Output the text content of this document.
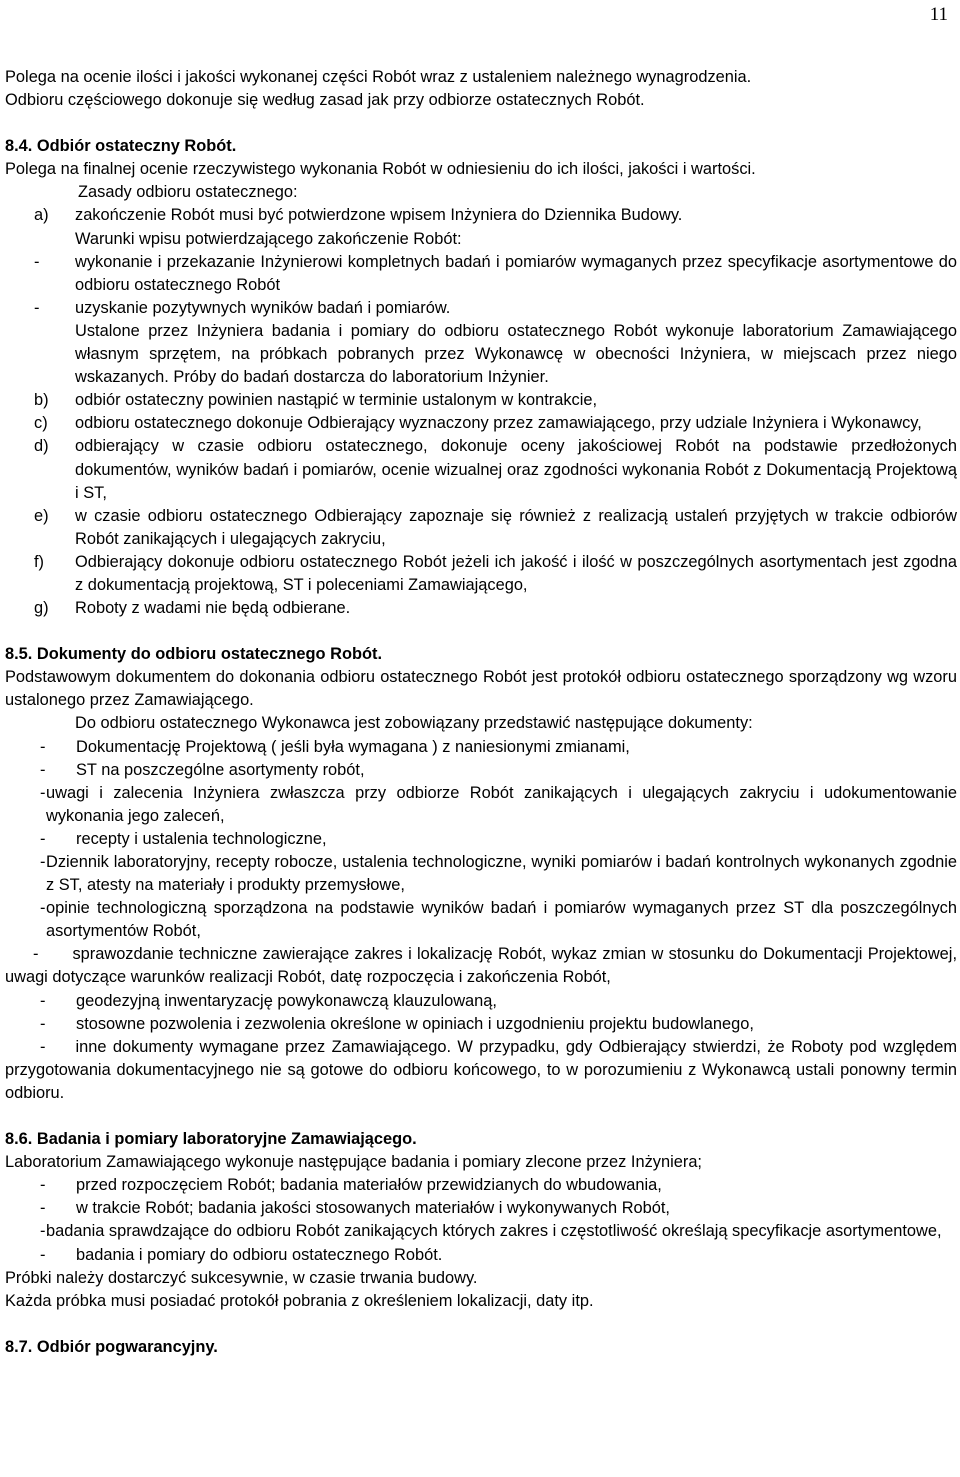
11

Polega na ocenie ilości i jakości wykonanej części Robót wraz z ustaleniem należnego wynagrodzenia.

Odbioru częściowego dokonuje się według zasad jak przy odbiorze ostatecznych Robót.

8.4. Odbiór ostateczny Robót.

Polega na finalnej ocenie rzeczywistego wykonania Robót w odniesieniu do ich ilości, jakości i wartości.

Zasady odbioru ostatecznego:

a)	zakończenie Robót musi być potwierdzone wpisem Inżyniera do Dziennika Budowy.

Warunki wpisu potwierdzającego zakończenie Robót:

-	wykonanie i przekazanie Inżynierowi kompletnych badań i pomiarów wymaganych przez specyfikacje asortymentowe do odbioru ostatecznego Robót
-	uzyskanie pozytywnych wyników badań i pomiarów.

Ustalone przez Inżyniera badania i pomiary do odbioru ostatecznego Robót wykonuje laboratorium Zamawiającego własnym sprzętem, na próbkach pobranych przez Wykonawcę w obecności Inżyniera, w miejscach przez niego wskazanych. Próby do badań dostarcza do laboratorium Inżynier.

b)	odbiór ostateczny powinien nastąpić w terminie ustalonym w kontrakcie,
c)	odbioru ostatecznego dokonuje Odbierający wyznaczony przez zamawiającego, przy udziale Inżyniera i Wykonawcy,
d)	odbierający w czasie odbioru ostatecznego, dokonuje oceny jakościowej Robót na podstawie przedłożonych dokumentów, wyników badań i pomiarów, ocenie wizualnej oraz zgodności wykonania Robót z Dokumentacją Projektową i ST,
e)	w czasie odbioru ostatecznego Odbierający zapoznaje się również z realizacją ustaleń przyjętych w trakcie odbiorów Robót zanikających i ulegających zakryciu,
f)	Odbierający dokonuje odbioru ostatecznego Robót jeżeli ich jakość i ilość w poszczególnych asortymentach jest zgodna z dokumentacją projektową, ST i poleceniami Zamawiającego,
g)	Roboty z wadami nie będą odbierane.

8.5. Dokumenty do odbioru ostatecznego Robót.

Podstawowym dokumentem do dokonania odbioru ostatecznego Robót jest protokół odbioru ostatecznego sporządzony wg wzoru ustalonego przez Zamawiającego.

Do odbioru ostatecznego Wykonawca jest zobowiązany przedstawić następujące dokumenty:

-	Dokumentację Projektową ( jeśli była wymagana ) z naniesionymi zmianami,
-	ST na poszczególne asortymenty robót,
- uwagi i zalecenia Inżyniera zwłaszcza przy odbiorze Robót zanikających i ulegających zakryciu i udokumentowanie wykonania jego zaleceń,
-	recepty i ustalenia technologiczne,
- Dziennik laboratoryjny, recepty robocze, ustalenia technologiczne, wyniki pomiarów i badań kontrolnych wykonanych zgodnie z ST, atesty na materiały i produkty przemysłowe,
- opinie technologiczną sporządzona na podstawie wyników badań i pomiarów wymaganych przez ST dla poszczególnych asortymentów Robót,

- sprawozdanie techniczne zawierające zakres i lokalizację Robót, wykaz zmian w stosunku do Dokumentacji Projektowej, uwagi dotyczące warunków realizacji Robót, datę rozpoczęcia i zakończenia Robót,

-	geodezyjną inwentaryzację powykonawczą klauzulowaną,
-	stosowne pozwolenia i zezwolenia określone w opiniach i uzgodnieniu projektu budowlanego,

- inne dokumenty wymagane przez Zamawiającego. W przypadku, gdy Odbierający stwierdzi, że Roboty pod względem przygotowania dokumentacyjnego nie są gotowe do odbioru końcowego, to w porozumieniu z Wykonawcą ustali ponowny termin odbioru.

8.6. Badania i pomiary laboratoryjne Zamawiającego.

Laboratorium Zamawiającego wykonuje następujące badania i pomiary zlecone przez Inżyniera;

-	przed rozpoczęciem Robót; badania materiałów przewidzianych do wbudowania,
-	w trakcie Robót; badania jakości stosowanych materiałów i wykonywanych Robót,
- badania sprawdzające do odbioru Robót zanikających których zakres i częstotliwość określają specyfikacje asortymentowe,
-	badania i pomiary do odbioru ostatecznego Robót.

Próbki należy dostarczyć sukcesywnie, w czasie trwania budowy.

Każda próbka musi posiadać protokół pobrania z określeniem lokalizacji, daty itp.

8.7. Odbiór pogwarancyjny.
